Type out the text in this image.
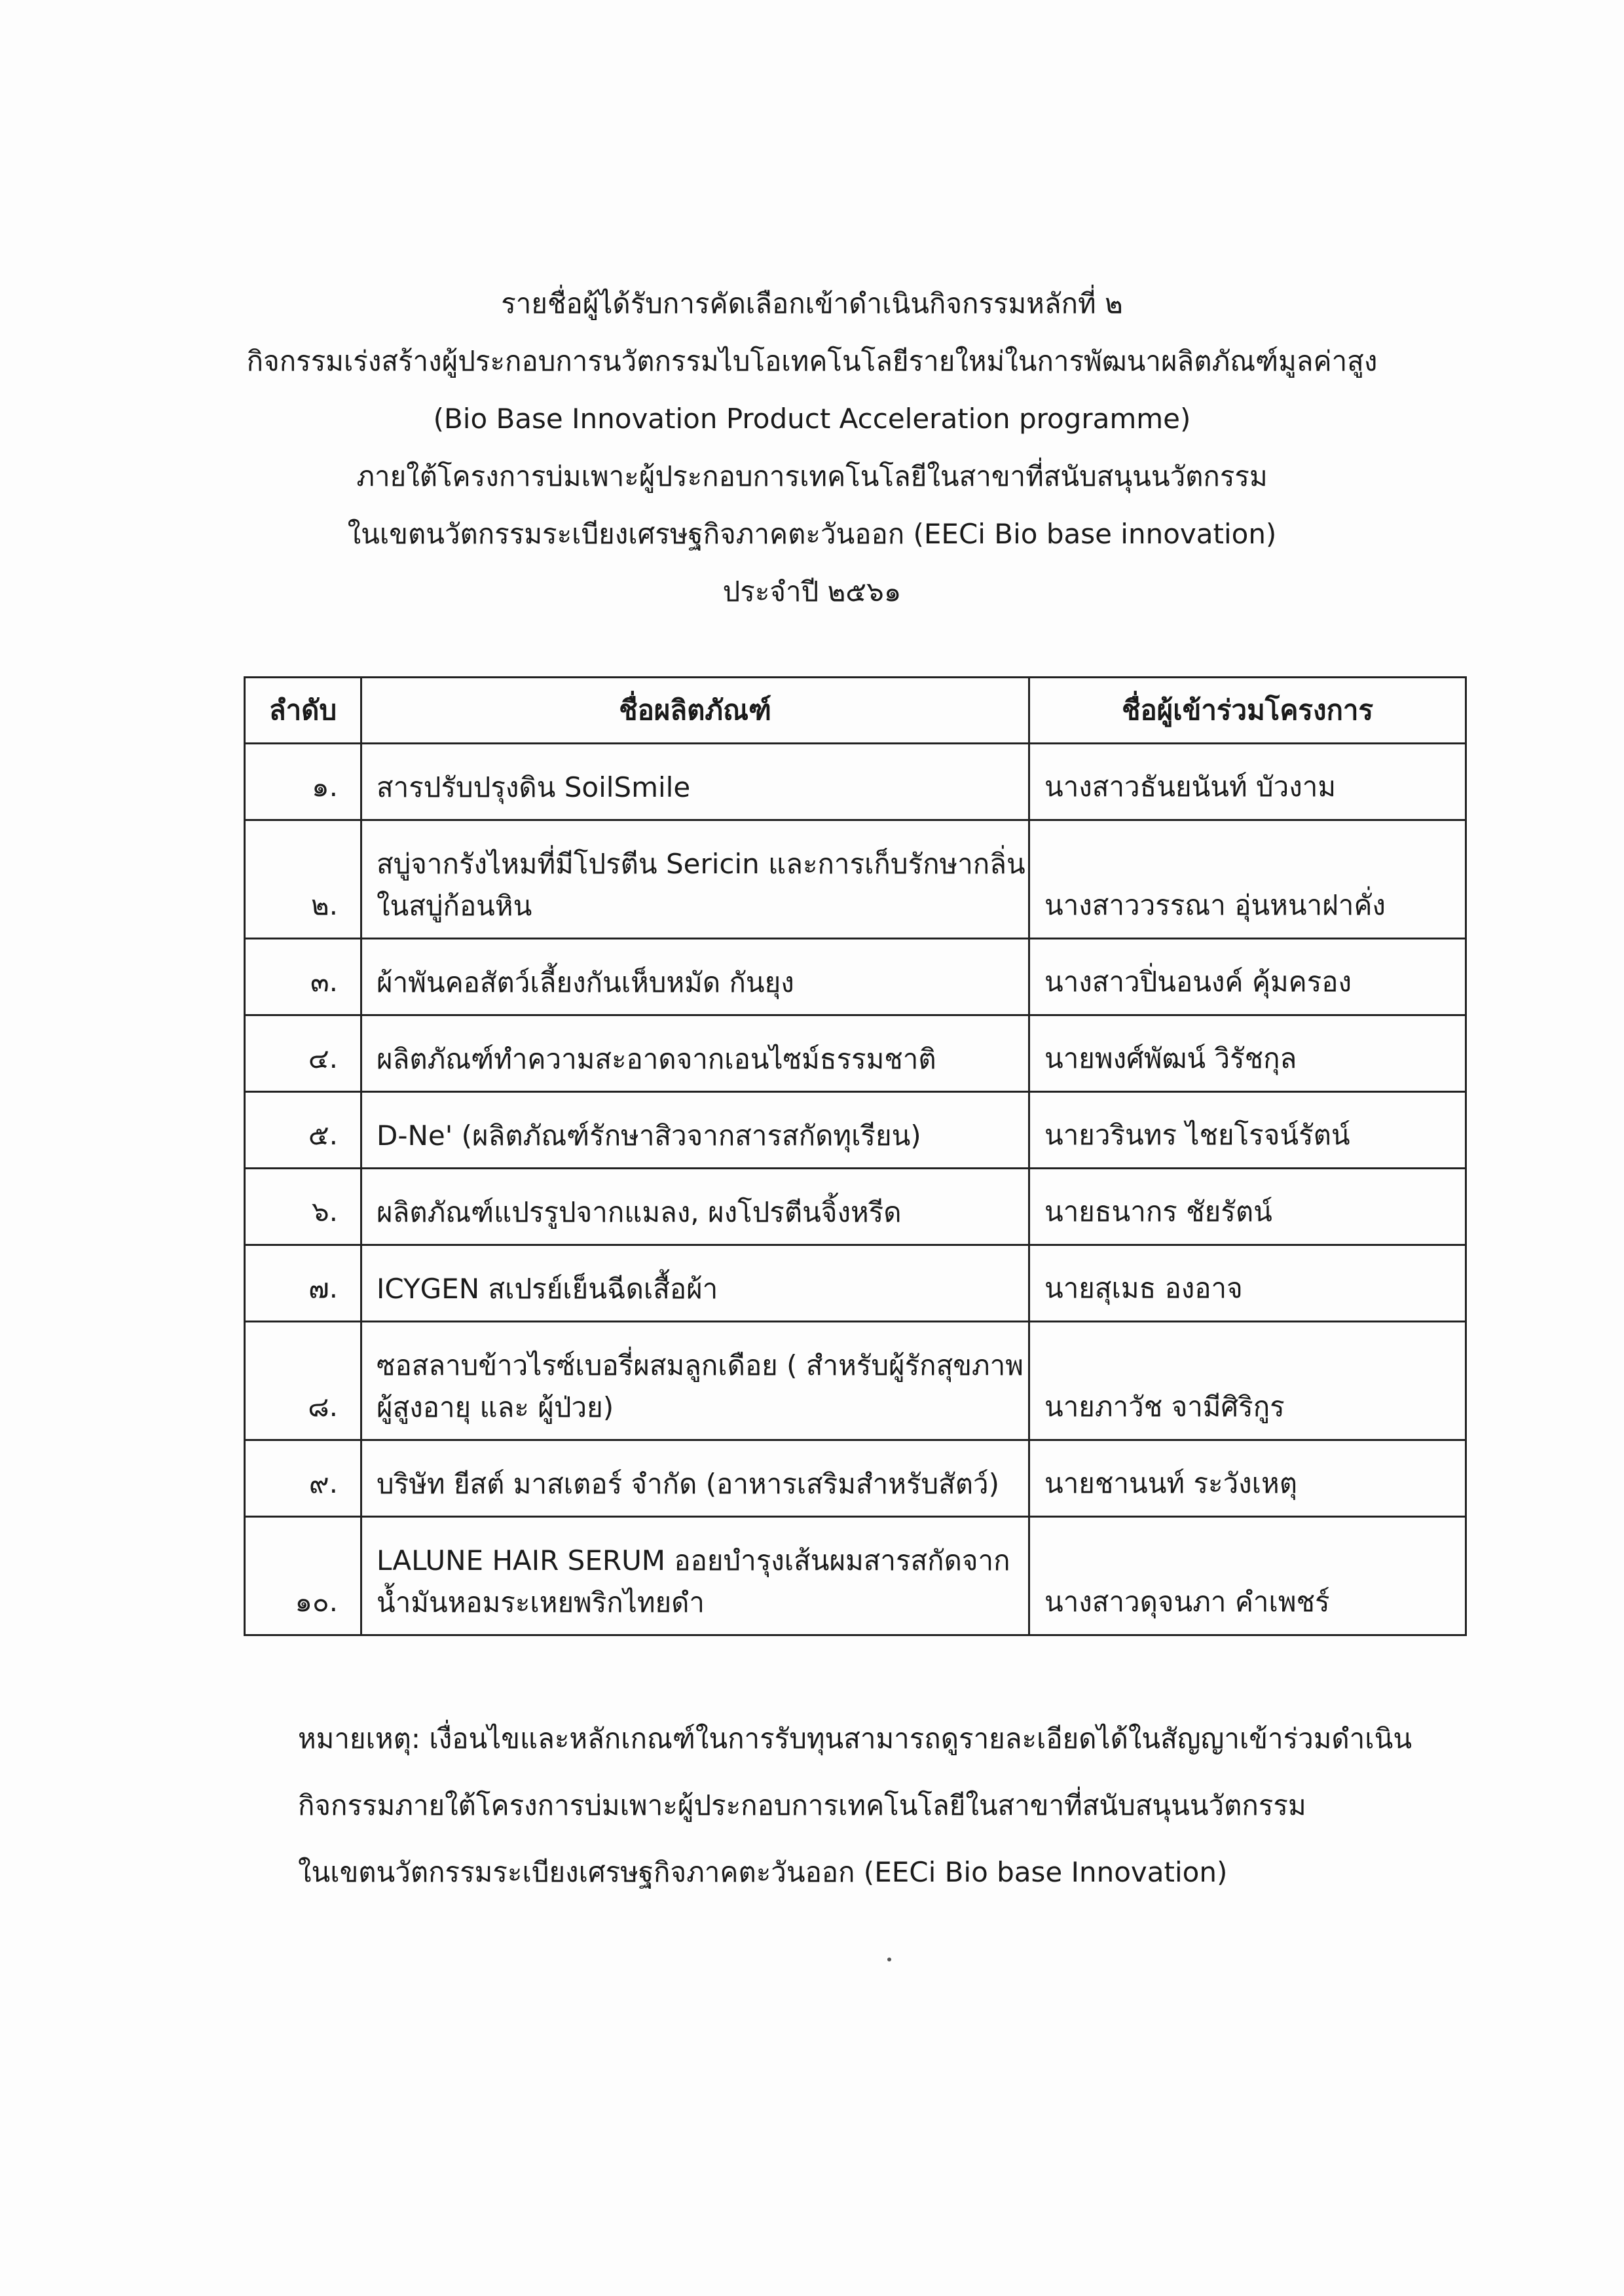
รายชื่อผู้ได้รับการคัดเลือกเข้าดำเนินกิจกรรมหลักที่ ๒
กิจกรรมเร่งสร้างผู้ประกอบการนวัตกรรมไบโอเทคโนโลยีรายใหม่ในการพัฒนาผลิตภัณฑ์มูลค่าสูง
(Bio Base Innovation Product Acceleration programme)
ภายใต้โครงการบ่มเพาะผู้ประกอบการเทคโนโลยีในสาขาที่สนับสนุนนวัตกรรม
ในเขตนวัตกรรมระเบียงเศรษฐกิจภาคตะวันออก (EECi Bio base innovation)
ประจำปี ๒๕๖๑
ลำดับ	ชื่อผลิตภัณฑ์	ชื่อผู้เข้าร่วมโครงการ
๑.	สารปรับปรุงดิน SoilSmile	นางสาวธันยนันท์ บัวงาม
๒.	สบู่จากรังไหมที่มีโปรตีน Sericin และการเก็บรักษากลิ่น
ในสบู่ก้อนหิน	นางสาววรรณา อุ่นหนาฝาคั่ง
๓.	ผ้าพันคอสัตว์เลี้ยงกันเห็บหมัด กันยุง	นางสาวปิ่นอนงค์ คุ้มครอง
๔.	ผลิตภัณฑ์ทำความสะอาดจากเอนไซม์ธรรมชาติ	นายพงศ์พัฒน์ วิรัชกุล
๕.	D-Ne' (ผลิตภัณฑ์รักษาสิวจากสารสกัดทุเรียน)	นายวรินทร ไชยโรจน์รัตน์
๖.	ผลิตภัณฑ์แปรรูปจากแมลง, ผงโปรตีนจิ้งหรีด	นายธนากร ชัยรัตน์
๗.	ICYGEN สเปรย์เย็นฉีดเสื้อผ้า	นายสุเมธ องอาจ
๘.	ซอสลาบข้าวไรซ์เบอรี่ผสมลูกเดือย ( สำหรับผู้รักสุขภาพ
ผู้สูงอายุ และ ผู้ป่วย)	นายภาวัช จามีศิริกูร
๙.	บริษัท ยีสต์ มาสเตอร์ จำกัด (อาหารเสริมสำหรับสัตว์)	นายชานนท์ ระวังเหตุ
๑๐.	LALUNE HAIR SERUM ออยบำรุงเส้นผมสารสกัดจาก
น้ำมันหอมระเหยพริกไทยดำ	นางสาวดุจนภา คำเพชร์
หมายเหตุ: เงื่อนไขและหลักเกณฑ์ในการรับทุนสามารถดูรายละเอียดได้ในสัญญาเข้าร่วมดำเนิน
กิจกรรมภายใต้โครงการบ่มเพาะผู้ประกอบการเทคโนโลยีในสาขาที่สนับสนุนนวัตกรรม
ในเขตนวัตกรรมระเบียงเศรษฐกิจภาคตะวันออก (EECi Bio base Innovation)
